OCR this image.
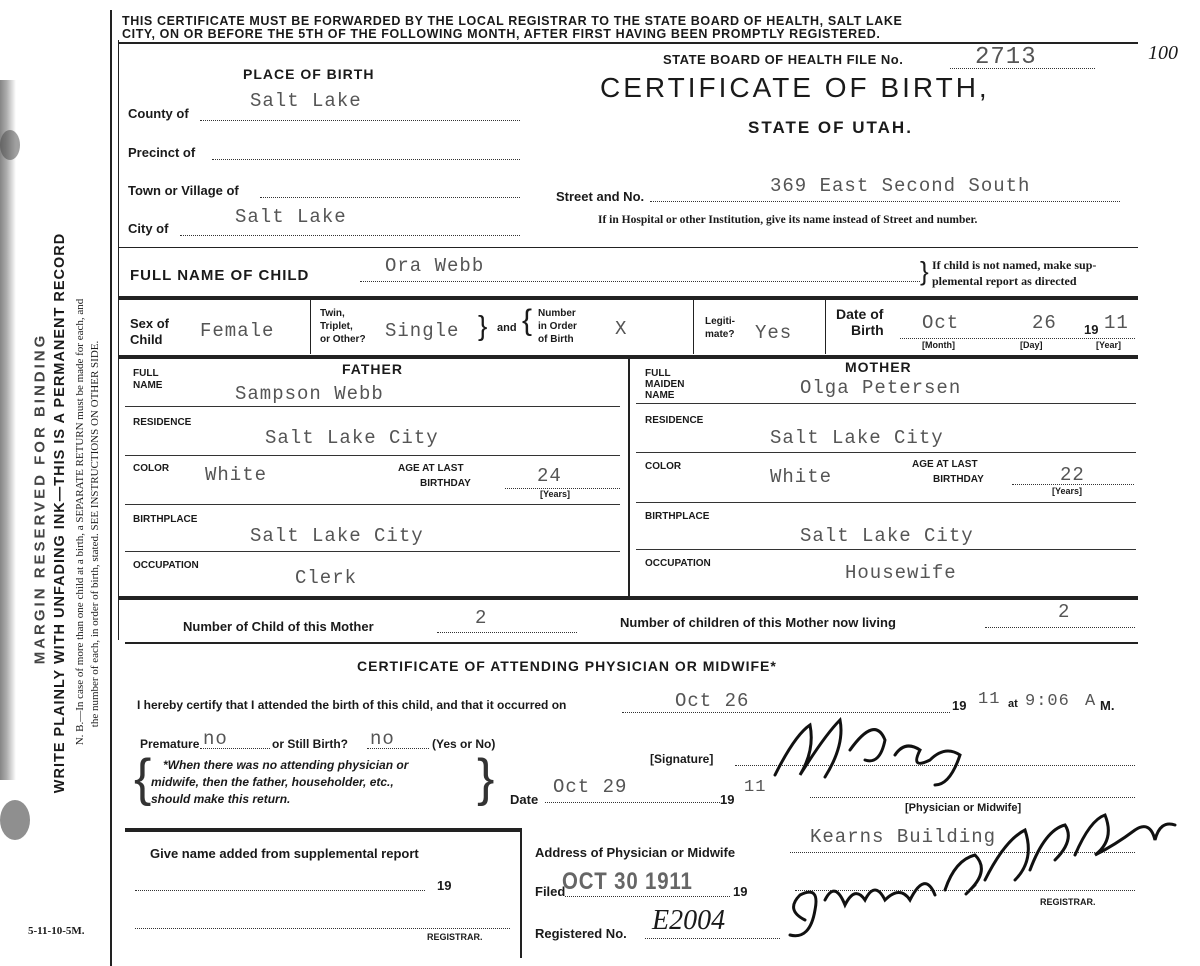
MARGIN RESERVED FOR BINDING WRITE PLAINLY WITH UNFADING INK—THIS IS A PERMANENT RECORD N. B.—In case of more than one child at a birth, a SEPARATE RETURN must be made for each, and the number of each, in order of birth, stated. SEE INSTRUCTIONS ON OTHER SIDE.
THIS CERTIFICATE MUST BE FORWARDED BY THE LOCAL REGISTRAR TO THE STATE BOARD OF HEALTH, SALT LAKE
CITY, ON OR BEFORE THE 5TH OF THE FOLLOWING MONTH, AFTER FIRST HAVING BEEN PROMPTLY REGISTERED.
STATE BOARD OF HEALTH FILE No.	2713	100
CERTIFICATE OF BIRTH,
STATE OF UTAH.
PLACE OF BIRTH
County of
Salt Lake
Precinct of
Town or Village of
City of
Salt Lake
Street and No.	369 East Second South
If in Hospital or other Institution, give its name instead of Street and number.
FULL NAME OF CHILD	Ora Webb	} If child is not named, make sup-
plemental report as directed
Sex of
Child Female
Twin,
Triplet,
or Other? Single } and { Number
in Order
of Birth X	Legiti-
mate? Yes
Date of
Birth Oct	26 19 11
[Month]	[Day]	[Year]
FULL
NAME
FATHER
Sampson Webb
RESIDENCE
Salt Lake City
COLOR White	AGE AT LAST
BIRTHDAY	24
[Years]
BIRTHPLACE
Salt Lake City
OCCUPATION
Clerk
FULL
MAIDEN
NAME
MOTHER
Olga Petersen
RESIDENCE
Salt Lake City
COLOR	White
AGE AT LAST
BIRTHDAY	22
[Years]
BIRTHPLACE
Salt Lake City
OCCUPATION	Housewife
Number of Child of this Mother	2	Number of children of this Mother now living	2
CERTIFICATE OF ATTENDING PHYSICIAN OR MIDWIFE*
I hereby certify that I attended the birth of this child, and that it occurred on	Oct 26	19 11 at 9:06 A M.
Premature no	or Still Birth? no	(Yes or No)
{ *When there was no attending physician or
midwife, then the father, householder, etc.,
should make this return.	}	[Signature]
[Physician or Midwife]
Date
Oct 29
19
11
Give name added from supplemental report
19
REGISTRAR.
5-11-10-5M.
Address of Physician or Midwife
Kearns Building
Filed
OCT 30 1911	19
REGISTRAR.
Registered No. E2004
